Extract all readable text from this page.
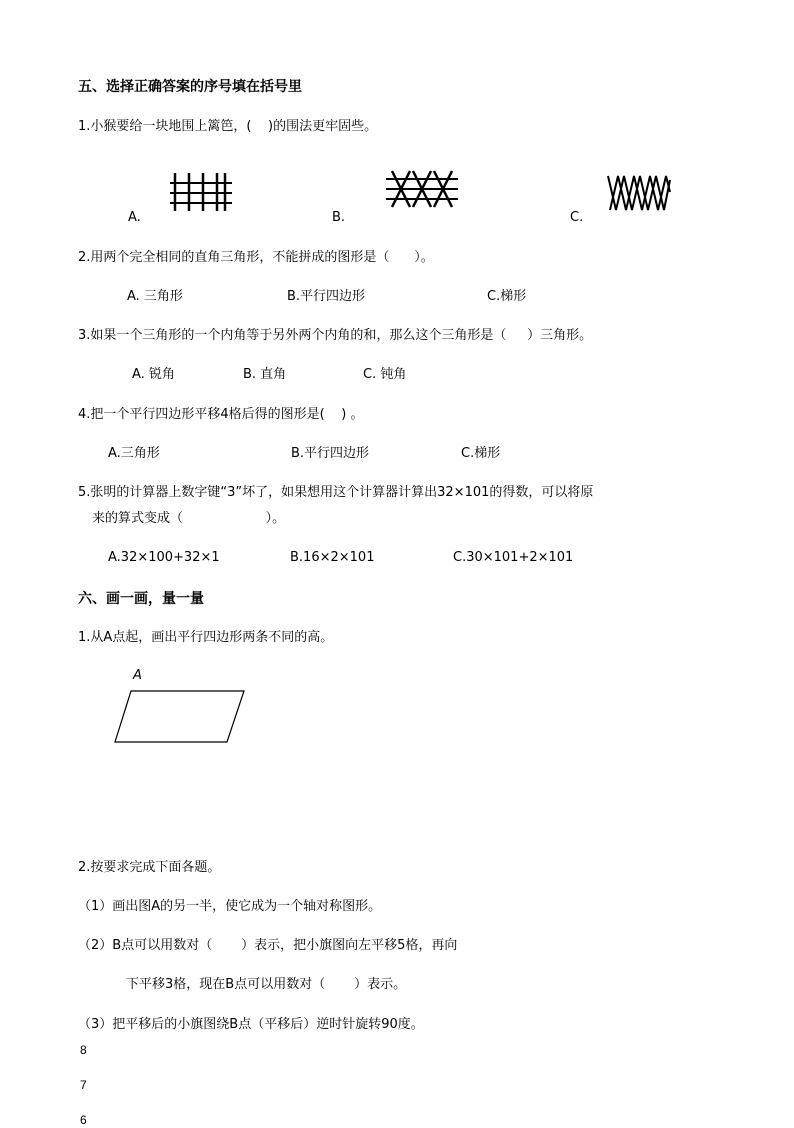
五、选择正确答案的序号填在括号里
1.小猴要给一块地围上篱笆，(    )的围法更牢固些。
A.	B.	C.
2.用两个完全相同的直角三角形，不能拼成的图形是（      ）。
A. 三角形	B.平行四边形	C.梯形
3.如果一个三角形的一个内角等于另外两个内角的和，那么这个三角形是（     ）三角形。
A. 锐角	B. 直角	C. 钝角
4.把一个平行四边形平移4格后得的图形是(    ) 。
A.三角形	B.平行四边形	C.梯形
5.张明的计算器上数字键“3”坏了，如果想用这个计算器计算出32×101的得数，可以将原
来的算式变成（                    ）。
A.32×100+32×1	B.16×2×101	C.30×101+2×101
六、画一画，量一量
1.从A点起，画出平行四边形两条不同的高。
A
2.按要求完成下面各题。
（1）画出图A的另一半，使它成为一个轴对称图形。
（2）B点可以用数对（       ）表示，把小旗图向左平移5格，再向
下平移3格，现在B点可以用数对（       ）表示。
（3）把平移后的小旗图绕B点（平移后）逆时针旋转90度。
8
7
6
